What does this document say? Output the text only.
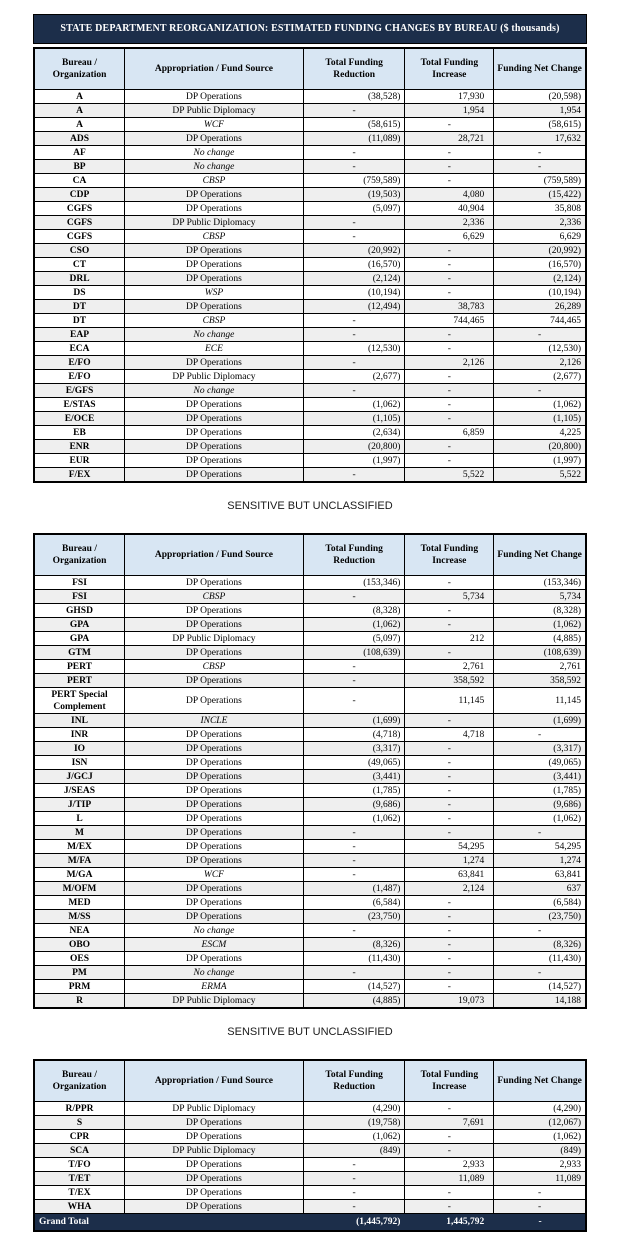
STATE DEPARTMENT REORGANIZATION: ESTIMATED FUNDING CHANGES BY BUREAU ($ thousands)
Bureau / Organization	Appropriation / Fund Source	Total Funding Reduction	Total Funding Increase	Funding Net Change
A	DP Operations	(38,528)	17,930	(20,598)
A	DP Public Diplomacy	-	1,954	1,954
A	WCF	(58,615)	-	(58,615)
ADS	DP Operations	(11,089)	28,721	17,632
AF	No change	-	-	-
BP	No change	-	-	-
CA	CBSP	(759,589)	-	(759,589)
CDP	DP Operations	(19,503)	4,080	(15,422)
CGFS	DP Operations	(5,097)	40,904	35,808
CGFS	DP Public Diplomacy	-	2,336	2,336
CGFS	CBSP	-	6,629	6,629
CSO	DP Operations	(20,992)	-	(20,992)
CT	DP Operations	(16,570)	-	(16,570)
DRL	DP Operations	(2,124)	-	(2,124)
DS	WSP	(10,194)	-	(10,194)
DT	DP Operations	(12,494)	38,783	26,289
DT	CBSP	-	744,465	744,465
EAP	No change	-	-	-
ECA	ECE	(12,530)	-	(12,530)
E/FO	DP Operations	-	2,126	2,126
E/FO	DP Public Diplomacy	(2,677)	-	(2,677)
E/GFS	No change	-	-	-
E/STAS	DP Operations	(1,062)	-	(1,062)
E/OCE	DP Operations	(1,105)	-	(1,105)
EB	DP Operations	(2,634)	6,859	4,225
ENR	DP Operations	(20,800)	-	(20,800)
EUR	DP Operations	(1,997)	-	(1,997)
F/EX	DP Operations	-	5,522	5,522
SENSITIVE BUT UNCLASSIFIED
Bureau / Organization	Appropriation / Fund Source	Total Funding Reduction	Total Funding Increase	Funding Net Change
FSI	DP Operations	(153,346)	-	(153,346)
FSI	CBSP	-	5,734	5,734
GHSD	DP Operations	(8,328)	-	(8,328)
GPA	DP Operations	(1,062)	-	(1,062)
GPA	DP Public Diplomacy	(5,097)	212	(4,885)
GTM	DP Operations	(108,639)	-	(108,639)
PERT	CBSP	-	2,761	2,761
PERT	DP Operations	-	358,592	358,592
PERT Special Complement	DP Operations	-	11,145	11,145
INL	INCLE	(1,699)	-	(1,699)
INR	DP Operations	(4,718)	4,718	-
IO	DP Operations	(3,317)	-	(3,317)
ISN	DP Operations	(49,065)	-	(49,065)
J/GCJ	DP Operations	(3,441)	-	(3,441)
J/SEAS	DP Operations	(1,785)	-	(1,785)
J/TIP	DP Operations	(9,686)	-	(9,686)
L	DP Operations	(1,062)	-	(1,062)
M	DP Operations	-	-	-
M/EX	DP Operations	-	54,295	54,295
M/FA	DP Operations	-	1,274	1,274
M/GA	WCF	-	63,841	63,841
M/OFM	DP Operations	(1,487)	2,124	637
MED	DP Operations	(6,584)	-	(6,584)
M/SS	DP Operations	(23,750)	-	(23,750)
NEA	No change	-	-	-
OBO	ESCM	(8,326)	-	(8,326)
OES	DP Operations	(11,430)	-	(11,430)
PM	No change	-	-	-
PRM	ERMA	(14,527)	-	(14,527)
R	DP Public Diplomacy	(4,885)	19,073	14,188
SENSITIVE BUT UNCLASSIFIED
Bureau / Organization	Appropriation / Fund Source	Total Funding Reduction	Total Funding Increase	Funding Net Change
R/PPR	DP Public Diplomacy	(4,290)	-	(4,290)
S	DP Operations	(19,758)	7,691	(12,067)
CPR	DP Operations	(1,062)	-	(1,062)
SCA	DP Public Diplomacy	(849)	-	(849)
T/FO	DP Operations	-	2,933	2,933
T/ET	DP Operations	-	11,089	11,089
T/EX	DP Operations	-	-	-
WHA	DP Operations	-	-	-
Grand Total		(1,445,792)	1,445,792	-
